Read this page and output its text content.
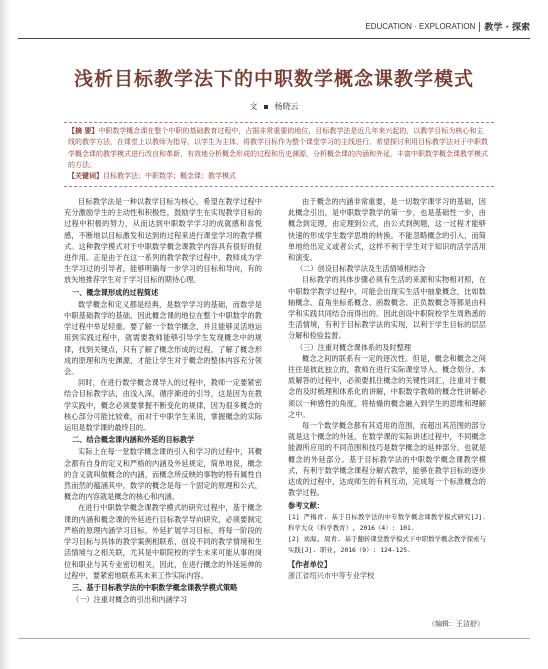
EDUCATION · EXPLORATION 教学 · 探索
浅析目标教学法下的中职数学概念课教学模式
文 杨晓云

【摘 要】中职数学概念课在整个中职的基础教育过程中，占据非常重要的地位，目标教学法是近几年来兴起的，以教学目标为核心和主线的教学方法，在课堂上以教师为指导、以学生为主体，将教学目标作为整个课堂学习的主线进行。希望探讨利用目标教学法对于中职数学概念课的教学模式进行改良和革新，有效地分析概念形成的过程和历史渊源，分析概念课的内涵和外延，丰富中职数学概念课教学模式的方法。

【关键词】目标教学法；中职数学；概念课；教学模式

目标教学法是一种以教学目标为核心，希望在教学过程中充分激励学生的主动性和积极性，鼓励学生在实现教学目标的过程中积极的努力，从而达到中职数学学习的成就感和喜悦感，不断地以目标激发和达到的过程来进行课堂学习的教学模式。这种教学模式对于中职数学概念课教学内容具有很好的促进作用。正是由于在这一系列的教学教学过程中，教师成为学生学习过的引导者，能够明确每一步学习的目标和导向，有的放矢地推荐学生对于学习目标的期待心理。

一、概念课形成的过程简述

数学概念和定义都是经典，是数学学习的基础，而数学是中职基础教学的基础，因此概念课的地位在整个中职数学的教学过程中举足轻重。要了解一个数学概念，并且能够灵活地运用到实践过程中，就需要教师能够引导学生发现概念中的规律，找到关键点，只有了解了概念形成的过程，了解了概念形成的原理和历史渊源，才能让学生对于概念的整体内容充分领会。

同时，在进行数学概念课导入的过程中，教师一定要紧密结合目标教学法，由浅入深，循序渐进的引导，这是因为在教学实践中，概念必须要掌握不断变化的规律，因为很多概念的核心部分可能比较难，而对于中职学生来说，掌握概念的实际运用是数学课的最终目的。

二、结合概念课内涵和外延的目标教学

实际上在每一堂数学概念课的引入和学习的过程中，其概念都有自身的定义和严格的内涵及外延规定，简单地说，概念的含义就叫做概念的内涵，而概念所反映的事物的特有属性自然而然的蕴涵其中。数学的概念是每一个固定的原理和公式，概念的内容就是概念的核心和内涵。

在进行中职数学概念课教学模式的研究过程中，基于概念课的内涵和概念课的外延进行目标教学导向研究，必须要制定严格的原理内涵学习目标，外延扩展学习目标，将每一阶段的学习目标与具体的教学案例相联系，创设不同的教学情境和生活情境与之相关联，尤其是中职院校的学生未来可能从事的岗位和职业与其专业密切相关，因此，在进行概念的外延延伸的过程中，要紧密地联系其未来工作实际内容。

三、基于目标教学法的中职数学概念课教学模式策略
（一）注重对概念的引出和内涵学习

由于概念的内涵非常重要，是一切数学课学习的基础，因此概念引出，是中职数学教学的第一步，也是基础性一步，由概念到定理，由定理到公式，由公式到例题，这一过程才能够快速的形成学生数学思维的转换。不能忽略概念的引入，而简单地给出定义或者公式，这样不利于学生对于知识的活学活用和演变。

（二）创设目标教学法及生活情境相结合

目标教学的具体步骤必须有生活的来源和实物相对照，在中职数学教学过程中，可能会出现实生活中抽象概念，比如数轴概念、直角坐标系概念、函数概念、正负数概念等都是由科学和实践共同结合而得出的。因此创设中职院校学生周熟悉的生活情境，有利于目标教学法的实现，以利于学生目标的层层分解和检验监督。

（三）注重对概念课体系的及时整理

概念之间的联系有一定的逐次性。但是，概念和概念之间往往是彼此独立的，教师在进行实际课堂导入、概念划分、本质解答的过程中，必须要抓住概念的关键性词汇，注重对于概念的及时梳理和体系化的讲解，中职数学教师的概念性讲解必须以一种感性的角度，将枯燥的概念融入到学生的思维和理解之中。

每一个数学概念都有其适用的范围，而超出其范围的部分就是这个概念的外延，在数学课的实际讲述过程中，不同概念能源所应用的不同范围和技巧是数学概念的延伸部分，也就是概念的外延部分。基于目标教学法的中职数学概念课教学模式，有利于数学概念课程分解式教学，能够在教学目标的逐步达成的过程中，达成师生的有利互动，完成每一个标准概念的教学过程。

参考文献：

[1] 严梅青. 基于目标教学法的中专数学概念课教学模式研究[J]. 科学大众（科学教育）, 2016（4）: 101.

[2] 刘海, 周青. 基于翻转课堂教学模式下中职数学概念教学探索与实践[J]. 职业, 2016（9）: 124-125.

【作者单位】

浙江省绍兴市中等专业学校

（编辑：王洁舒）
